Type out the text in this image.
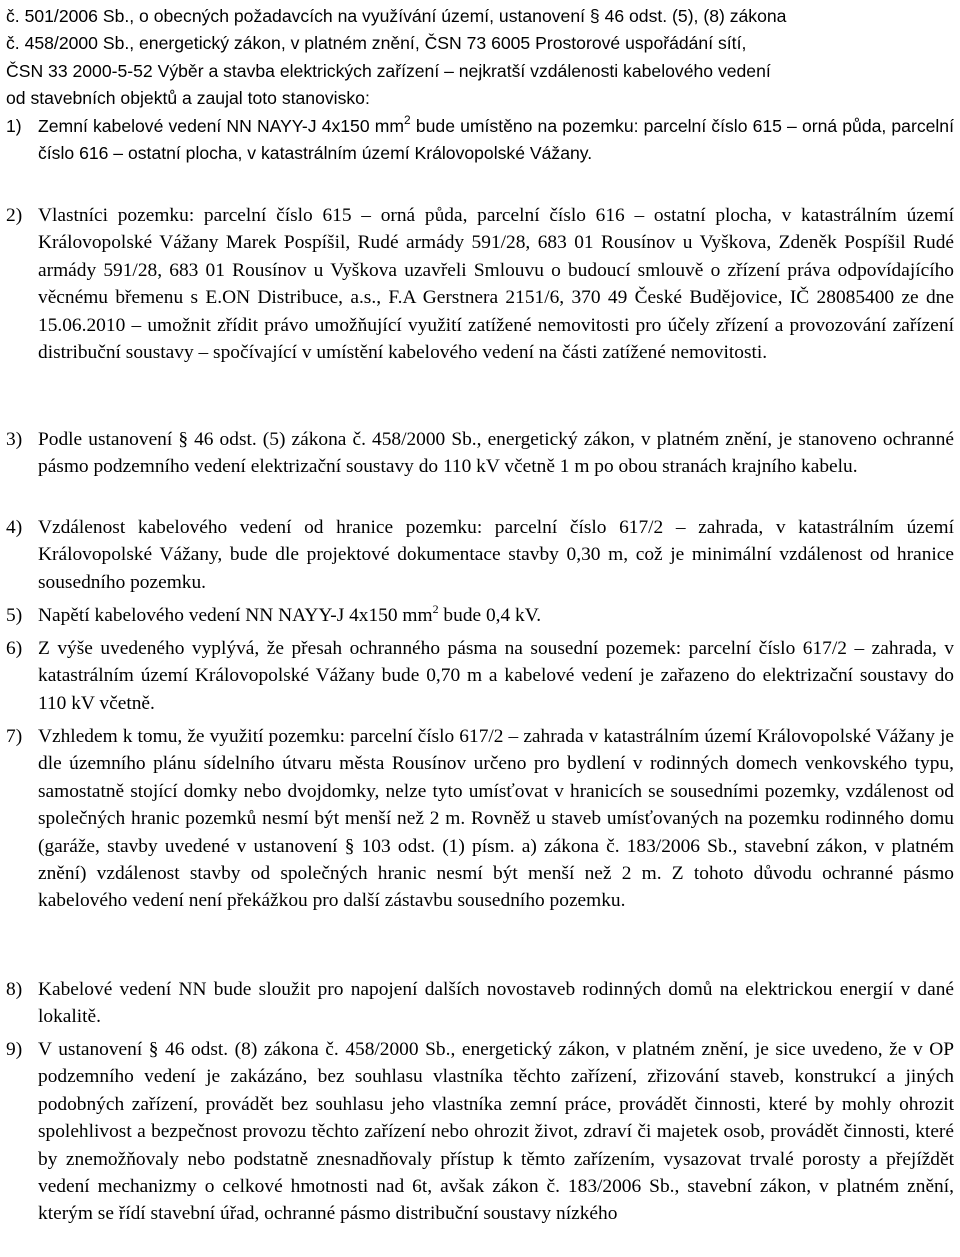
č. 501/2006 Sb., o obecných požadavcích na využívání území, ustanovení § 46 odst. (5), (8) zákona
č. 458/2000 Sb., energetický zákon, v platném znění, ČSN 73 6005 Prostorové uspořádání sítí,
ČSN 33 2000-5-52 Výběr a stavba elektrických zařízení – nejkratší vzdálenosti kabelového vedení
od stavebních objektů a zaujal toto stanovisko:
1) Zemní kabelové vedení NN NAYY-J 4x150 $mm^2$ bude umístěno na pozemku: parcelní číslo 615 – orná půda, parcelní číslo 616 – ostatní plocha, v katastrálním území Královopolské Vážany.
2) Vlastníci pozemku: parcelní číslo 615 – orná půda, parcelní číslo 616 – ostatní plocha, v katastrálním území Královopolské Vážany Marek Pospíšil, Rudé armády 591/28, 683 01 Rousínov u Vyškova, Zdeněk Pospíšil Rudé armády 591/28, 683 01 Rousínov u Vyškova uzavřeli Smlouvu o budoucí smlouvě o zřízení práva odpovídajícího věcnému břemenu s E.ON Distribuce, a.s., F.A Gerstnera 2151/6, 370 49 České Budějovice, IČ 28085400 ze dne 15.06.2010 – umožnit zřídit právo umožňující využití zatížené nemovitosti pro účely zřízení a provozování zařízení distribuční soustavy – spočívající v umístění kabelového vedení na části zatížené nemovitosti.
3) Podle ustanovení § 46 odst. (5) zákona č. 458/2000 Sb., energetický zákon, v platném znění, je stanoveno ochranné pásmo podzemního vedení elektrizační soustavy do 110 kV včetně 1 m po obou stranách krajního kabelu.
4) Vzdálenost kabelového vedení od hranice pozemku: parcelní číslo 617/2 – zahrada, v katastrálním území Královopolské Vážany, bude dle projektové dokumentace stavby 0,30 m, což je minimální vzdálenost od hranice sousedního pozemku.
5) Napětí kabelového vedení NN NAYY-J 4x150 $mm^2$ bude 0,4 kV.
6) Z výše uvedeného vyplývá, že přesah ochranného pásma na sousední pozemek: parcelní číslo 617/2 – zahrada, v katastrálním území Královopolské Vážany bude 0,70 m a kabelové vedení je zařazeno do elektrizační soustavy do 110 kV včetně.
7) Vzhledem k tomu, že využití pozemku: parcelní číslo 617/2 – zahrada v katastrálním území Královopolské Vážany je dle územního plánu sídelního útvaru města Rousínov určeno pro bydlení v rodinných domech venkovského typu, samostatně stojící domky nebo dvojdomky, nelze tyto umísťovat v hranicích se sousedními pozemky, vzdálenost od společných hranic pozemků nesmí být menší než 2 m. Rovněž u staveb umísťovaných na pozemku rodinného domu (garáže, stavby uvedené v ustanovení § 103 odst. (1) písm. a) zákona č. 183/2006 Sb., stavební zákon, v platném znění) vzdálenost stavby od společných hranic nesmí být menší než 2 m. Z tohoto důvodu ochranné pásmo kabelového vedení není překážkou pro další zástavbu sousedního pozemku.
8) Kabelové vedení NN bude sloužit pro napojení dalších novostaveb rodinných domů na elektrickou energií v dané lokalitě.
9) V ustanovení § 46 odst. (8) zákona č. 458/2000 Sb., energetický zákon, v platném znění, je sice uvedeno, že v OP podzemního vedení je zakázáno, bez souhlasu vlastníka těchto zařízení, zřizování staveb, konstrukcí a jiných podobných zařízení, provádět bez souhlasu jeho vlastníka zemní práce, provádět činnosti, které by mohly ohrozit spolehlivost a bezpečnost provozu těchto zařízení nebo ohrozit život, zdraví či majetek osob, provádět činnosti, které by znemožňovaly nebo podstatně znesnadňovaly přístup k těmto zařízením, vysazovat trvalé porosty a přejíždět vedení mechanizmy o celkové hmotnosti nad 6t, avšak zákon č. 183/2006 Sb., stavební zákon, v platném znění, kterým se řídí stavební úřad, ochranné pásmo distribuční soustavy nízkého
